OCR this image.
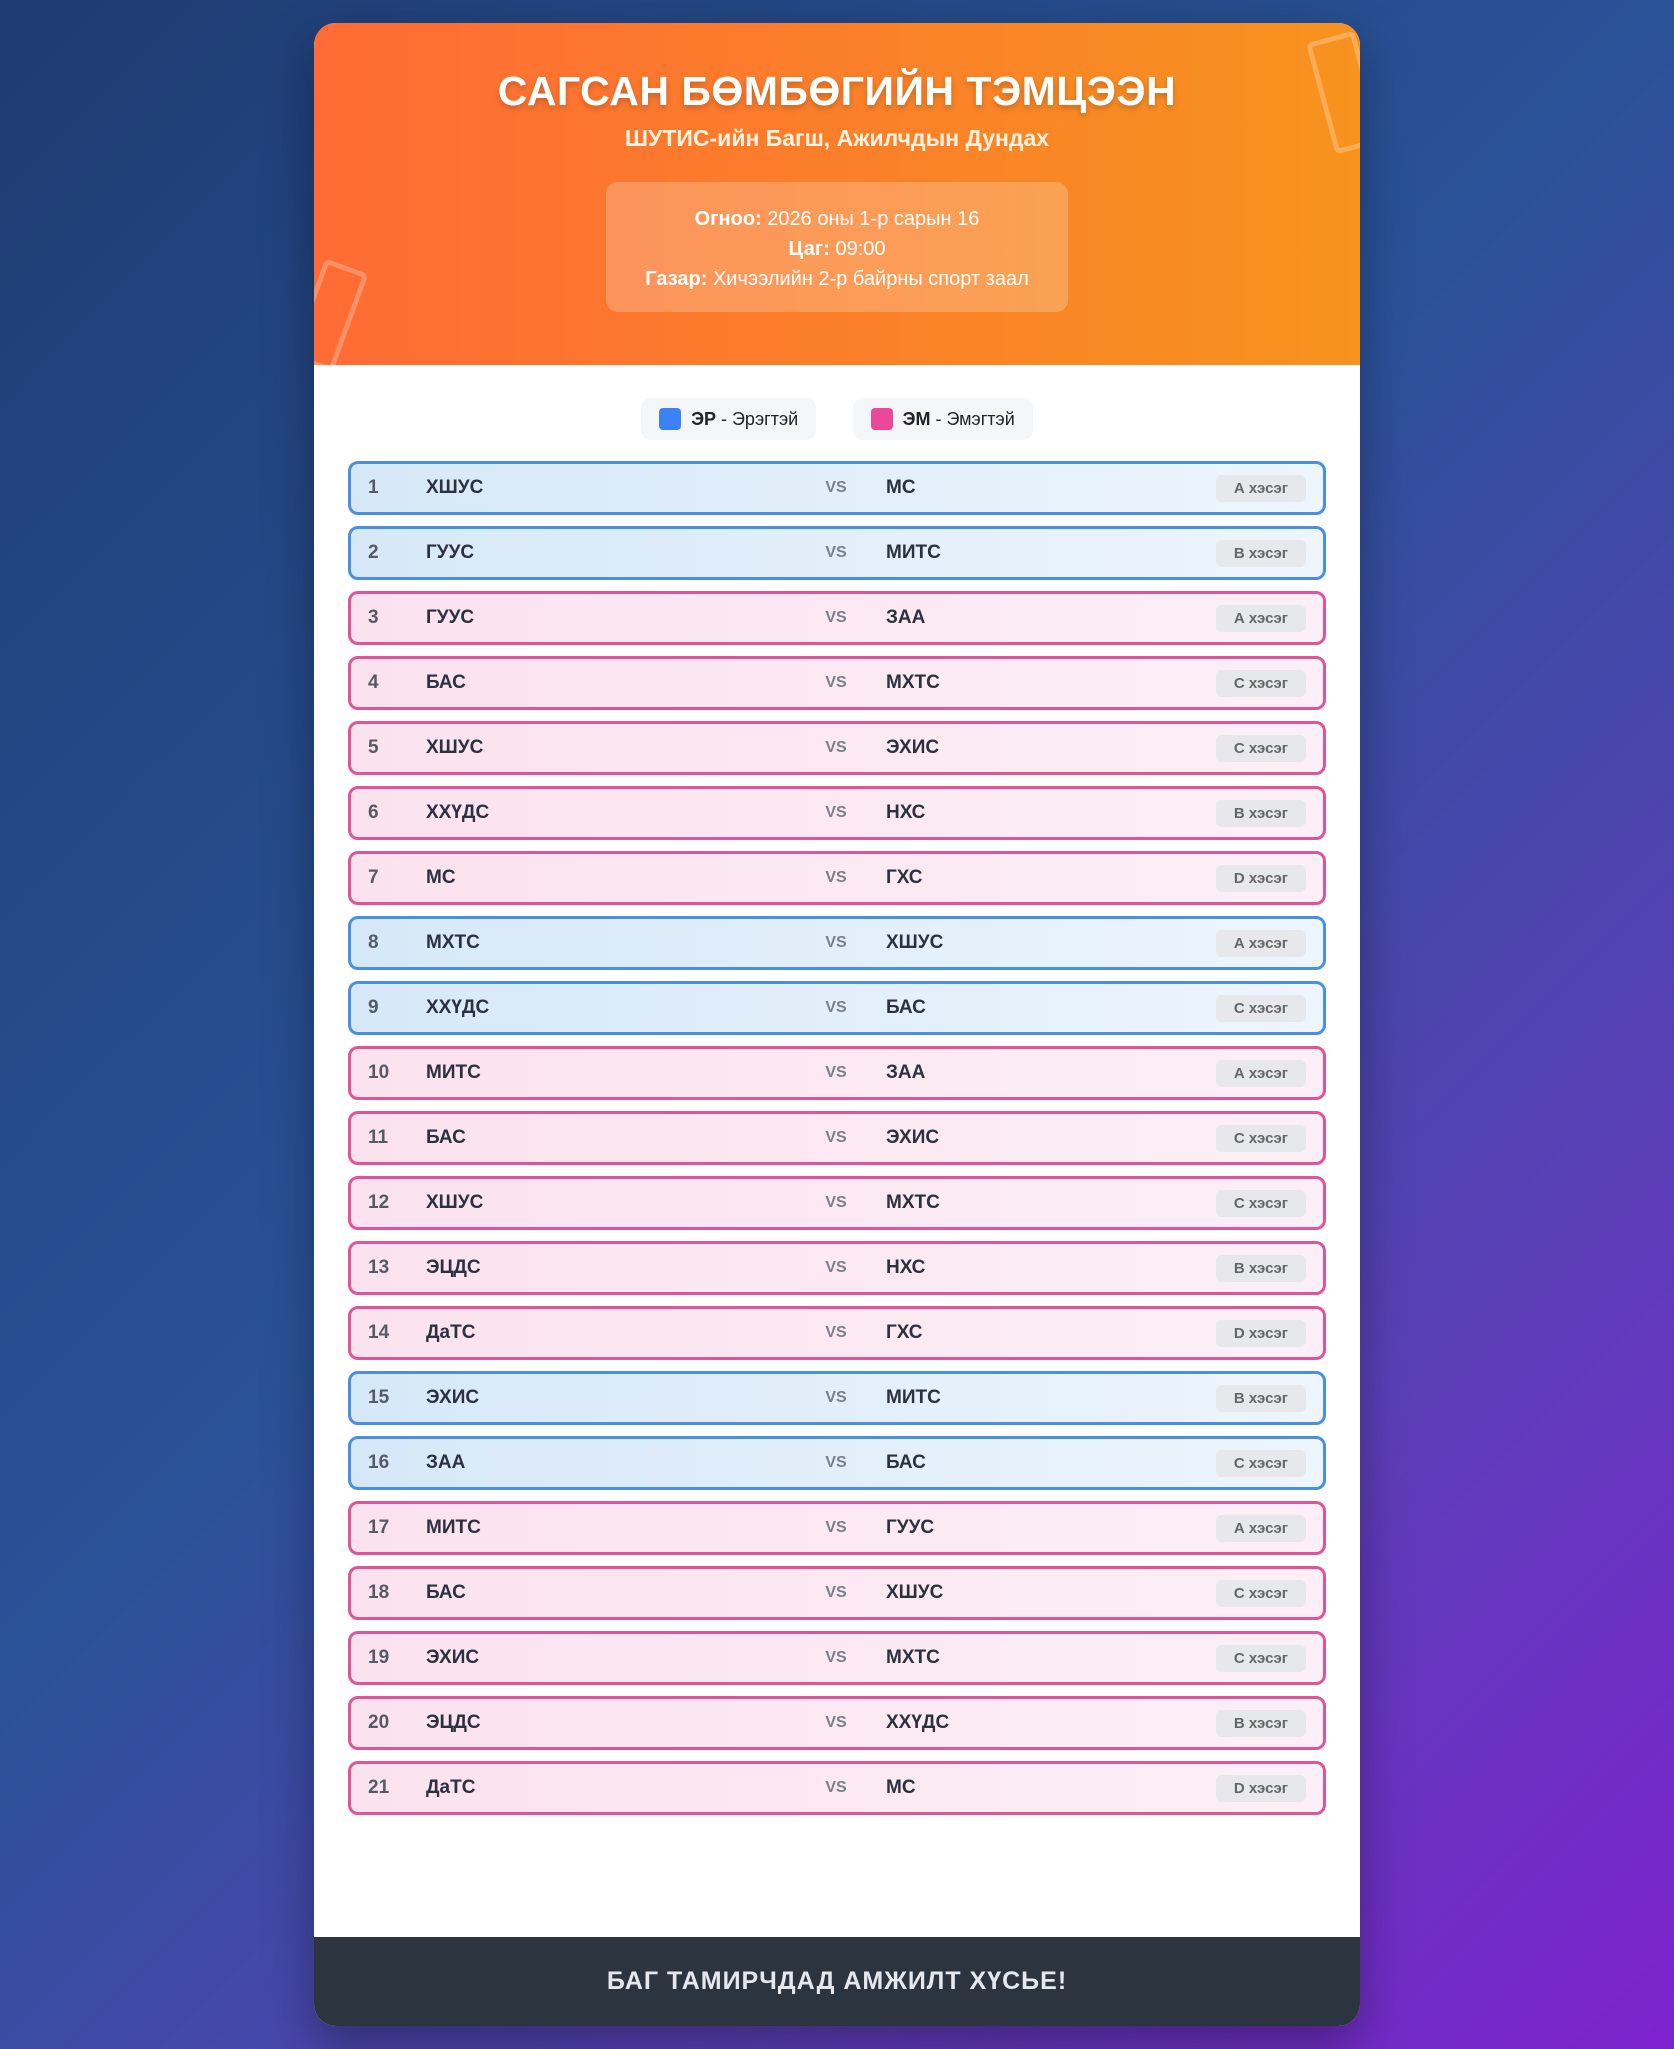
САГСАН БӨМБӨГИЙН ТЭМЦЭЭН
ШУТИС-ийн Багш, Ажилчдын Дундах
Огноо: 2026 оны 1-р сарын 16
Цаг: 09:00
Газар: Хичээлийн 2-р байрны спорт заал
ЭР - Эрэгтэй
	ЭМ - Эмэгтэй
1	ХШУС	VS	МС	А хэсэг
2	ГУУС	VS	МИТС	В хэсэг
3	ГУУС	VS	ЗАА	А хэсэг
4	БАС	VS	МХТС	С хэсэг
5	ХШУС	VS	ЭХИС	С хэсэг
6	ХХҮДС	VS	НХС	В хэсэг
7	МС	VS	ГХС	D хэсэг
8	МХТС	VS	ХШУС	А хэсэг
9	ХХҮДС	VS	БАС	С хэсэг
10	МИТС	VS	ЗАА	А хэсэг
11	БАС	VS	ЭХИС	С хэсэг
12	ХШУС	VS	МХТС	С хэсэг
13	ЭЦДС	VS	НХС	В хэсэг
14	ДаТС	VS	ГХС	D хэсэг
15	ЭХИС	VS	МИТС	В хэсэг
16	ЗАА	VS	БАС	С хэсэг
17	МИТС	VS	ГУУС	А хэсэг
18	БАС	VS	ХШУС	С хэсэг
19	ЭХИС	VS	МХТС	С хэсэг
20	ЭЦДС	VS	ХХҮДС	В хэсэг
21	ДаТС	VS	МС	D хэсэг
БАГ ТАМИРЧДАД АМЖИЛТ ХҮСЬЕ!
